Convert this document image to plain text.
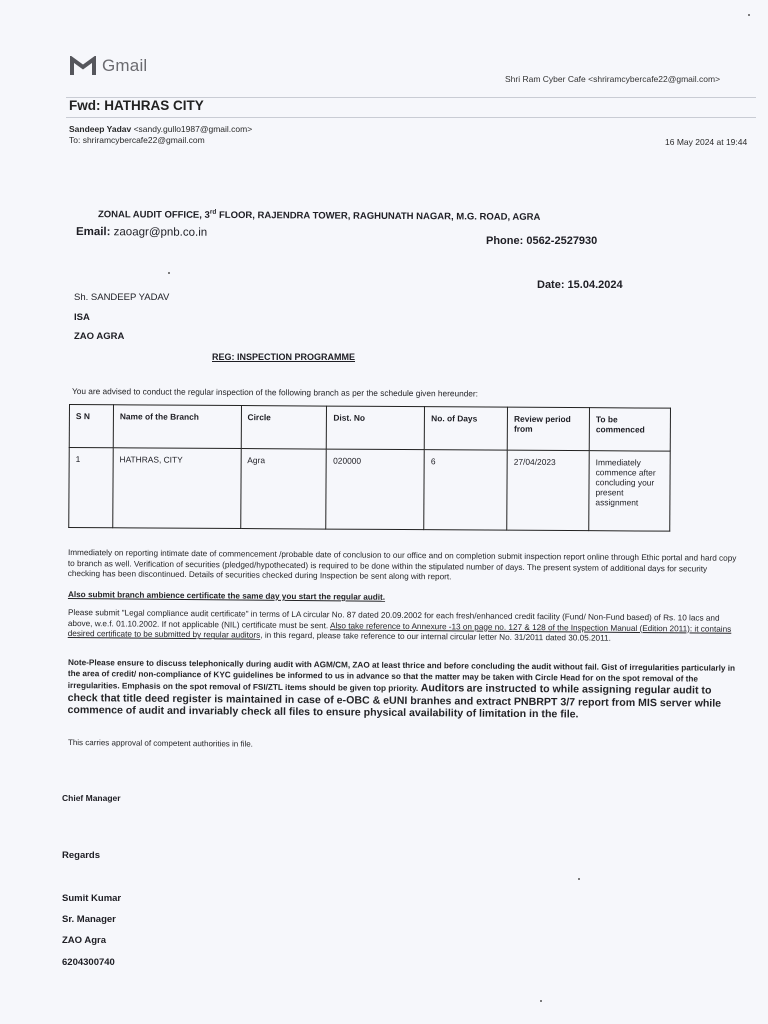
Gmail
Shri Ram Cyber Cafe <shriramcybercafe22@gmail.com>
Fwd: HATHRAS CITY
Sandeep Yadav <sandy.gullo1987@gmail.com>
To: shriramcybercafe22@gmail.com	16 May 2024 at 19:44
ZONAL AUDIT OFFICE, 3rd FLOOR, RAJENDRA TOWER, RAGHUNATH NAGAR, M.G. ROAD, AGRA
Email: zaoagr@pnb.co.in
Phone: 0562-2527930
Date: 15.04.2024
Sh. SANDEEP YADAV
ISA
ZAO AGRA
REG: INSPECTION PROGRAMME
You are advised to conduct the regular inspection of the following branch as per the schedule given hereunder:
S N	Name of the Branch	Circle	Dist. No	No. of Days	Review period from	To be commenced
1	HATHRAS, CITY	Agra	020000	6	27/04/2023	Immediately commence after concluding your present assignment
Immediately on reporting intimate date of commencement /probable date of conclusion to our office and on completion submit inspection report online through Ethic portal and hard copy to branch as well. Verification of securities (pledged/hypothecated) is required to be done within the stipulated number of days. The present system of additional days for security checking has been discontinued. Details of securities checked during Inspection be sent along with report.
Also submit branch ambience certificate the same day you start the regular audit.
Please submit "Legal compliance audit certificate" in terms of LA circular No. 87 dated 20.09.2002 for each fresh/enhanced credit facility (Fund/ Non-Fund based) of Rs. 10 lacs and above, w.e.f. 01.10.2002. If not applicable (NIL) certificate must be sent. Also take reference to Annexure -13 on page no. 127 & 128 of the Inspection Manual (Edition 2011): it contains desired certificate to be submitted by regular auditors, in this regard, please take reference to our internal circular letter No. 31/2011 dated 30.05.2011.
Note-Please ensure to discuss telephonically during audit with AGM/CM, ZAO at least thrice and before concluding the audit without fail. Gist of irregularities particularly in the area of credit/ non-compliance of KYC guidelines be informed to us in advance so that the matter may be taken with Circle Head for on the spot removal of the irregularities. Emphasis on the spot removal of FSI/ZTL items should be given top priority. Auditors are instructed to while assigning regular audit to check that title deed register is maintained in case of e-OBC & eUNI branhes and extract PNBRPT 3/7 report from MIS server while commence of audit and invariably check all files to ensure physical availability of limitation in the file.
This carries approval of competent authorities in file.
Chief Manager
Regards
Sumit Kumar
Sr. Manager
ZAO Agra
6204300740
